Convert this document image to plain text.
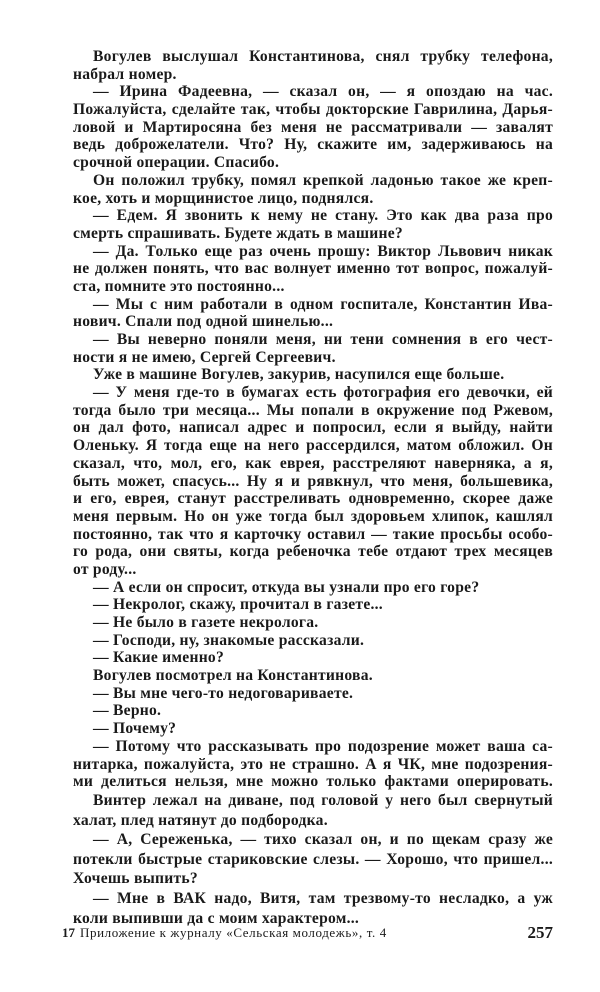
Вогулев выслушал Константинова, снял трубку телефона,
набрал номер.
— Ирина Фадеевна, — сказал он, — я опоздаю на час.
Пожалуйста, сделайте так, чтобы докторские Гаврилина, Дарья-
ловой и Мартиросяна без меня не рассматривали — завалят
ведь доброжелатели. Что? Ну, скажите им, задерживаюсь на
срочной операции. Спасибо.
Он положил трубку, помял крепкой ладонью такое же креп-
кое, хоть и морщинистое лицо, поднялся.
— Едем. Я звонить к нему не стану. Это как два раза про
смерть спрашивать. Будете ждать в машине?
— Да. Только еще раз очень прошу: Виктор Львович никак
не должен понять, что вас волнует именно тот вопрос, пожалуй-
ста, помните это постоянно...
— Мы с ним работали в одном госпитале, Константин Ива-
нович. Спали под одной шинелью...
— Вы неверно поняли меня, ни тени сомнения в его чест-
ности я не имею, Сергей Сергеевич.
Уже в машине Вогулев, закурив, насупился еще больше.
— У меня где-то в бумагах есть фотография его девочки, ей
тогда было три месяца... Мы попали в окружение под Ржевом,
он дал фото, написал адрес и попросил, если я выйду, найти
Оленьку. Я тогда еще на него рассердился, матом обложил. Он
сказал, что, мол, его, как еврея, расстреляют наверняка, а я,
быть может, спасусь... Ну я и рявкнул, что меня, большевика,
и его, еврея, станут расстреливать одновременно, скорее даже
меня первым. Но он уже тогда был здоровьем хлипок, кашлял
постоянно, так что я карточку оставил — такие просьбы особо-
го рода, они святы, когда ребеночка тебе отдают трех месяцев
от роду...
— А если он спросит, откуда вы узнали про его горе?
— Некролог, скажу, прочитал в газете...
— Не было в газете некролога.
— Господи, ну, знакомые рассказали.
— Какие именно?
Вогулев посмотрел на Константинова.
— Вы мне чего-то недоговариваете.
— Верно.
— Почему?
— Потому что рассказывать про подозрение может ваша са-
нитарка, пожалуйста, это не страшно. А я ЧК, мне подозрения-
ми делиться нельзя, мне можно только фактами оперировать.
Винтер лежал на диване, под головой у него был свернутый
халат, плед натянут до подбородка.
— А, Сереженька, — тихо сказал он, и по щекам сразу же
потекли быстрые стариковские слезы. — Хорошо, что пришел...
Хочешь выпить?
— Мне в ВАК надо, Витя, там трезвому-то несладко, а уж
коли выпивши да с моим характером...
17 Приложение к журналу «Сельская молодежь», т. 4	257
